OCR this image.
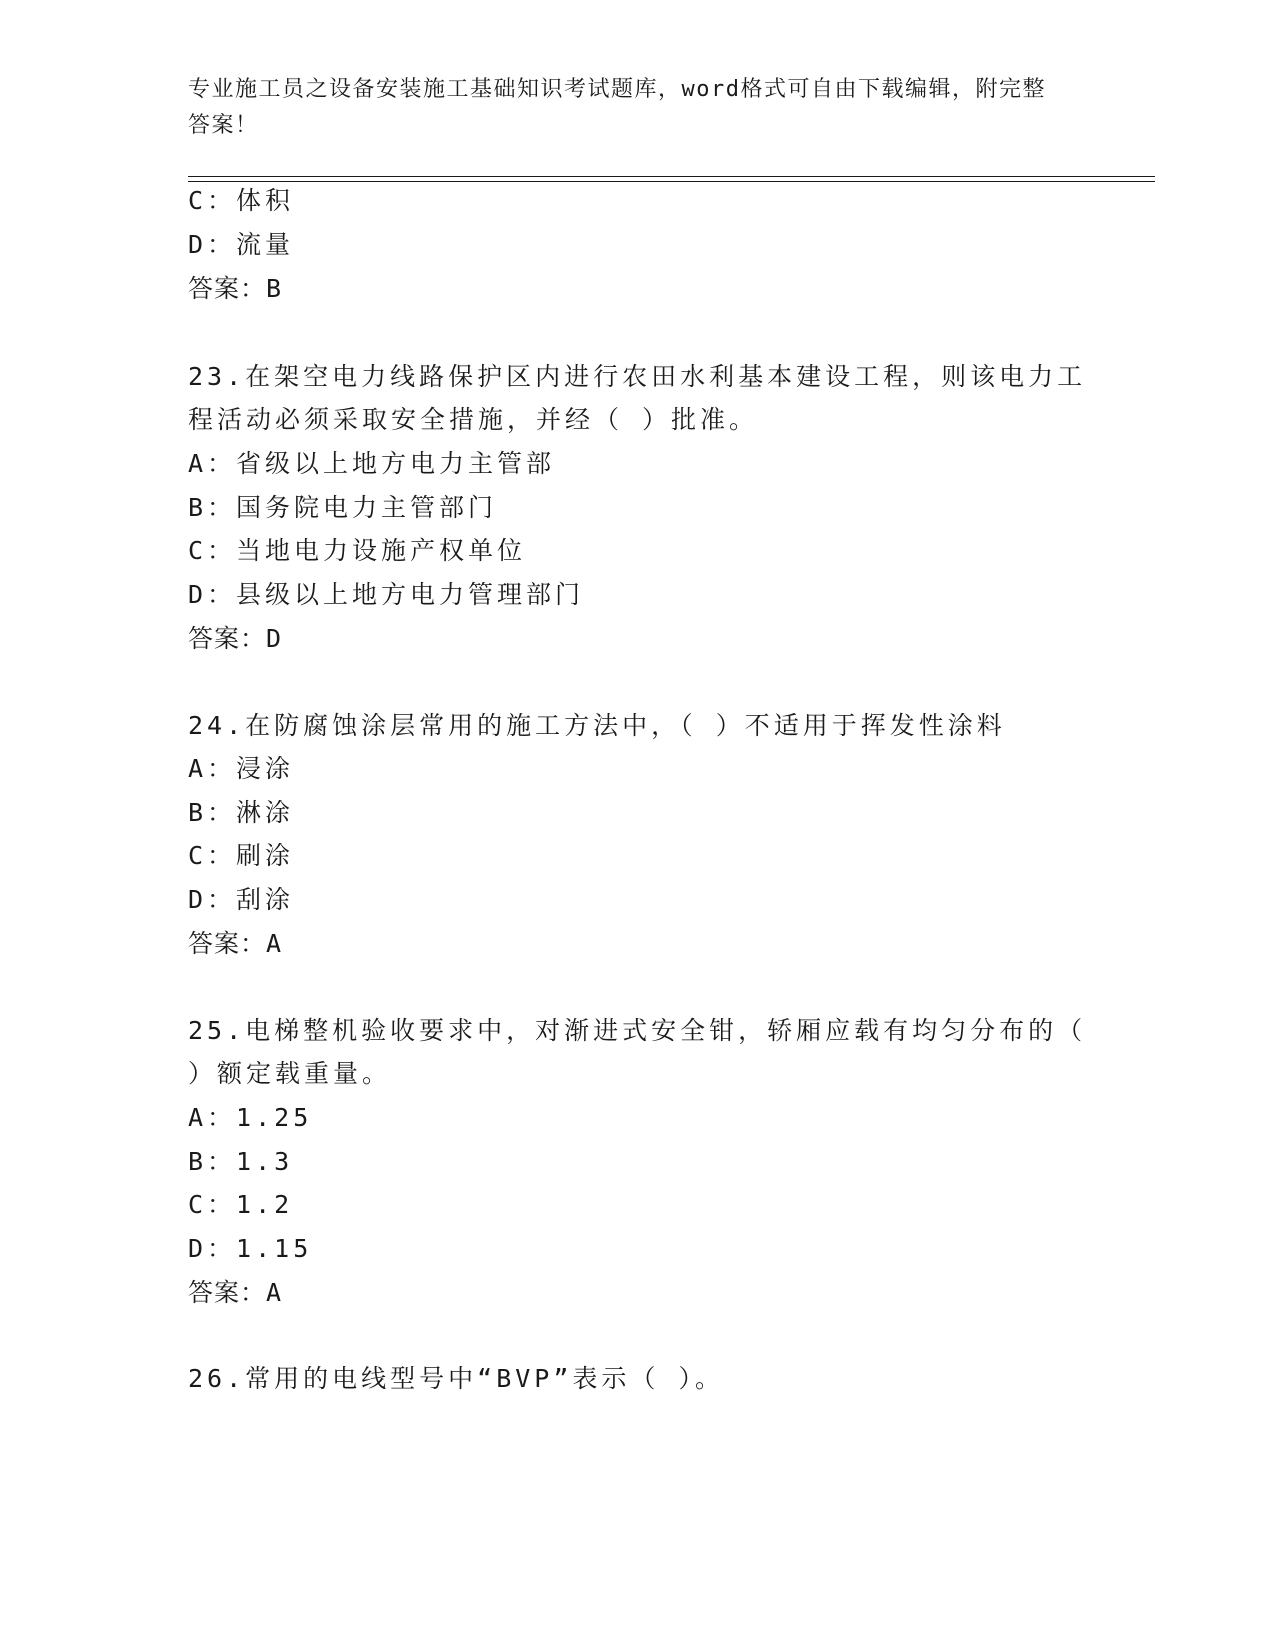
专业施工员之设备安装施工基础知识考试题库，word格式可自由下载编辑，附完整答案！
C：体积
D：流量
答案：B
23.在架空电力线路保护区内进行农田水利基本建设工程，则该电力工
程活动必须采取安全措施，并经（ ）批准。
A：省级以上地方电力主管部
B：国务院电力主管部门
C：当地电力设施产权单位
D：县级以上地方电力管理部门
答案：D
24.在防腐蚀涂层常用的施工方法中，（ ）不适用于挥发性涂料
A：浸涂
B：淋涂
C：刷涂
D：刮涂
答案：A
25.电梯整机验收要求中，对渐进式安全钳，轿厢应载有均匀分布的（
）额定载重量。
A：1.25
B：1.3
C：1.2
D：1.15
答案：A
26.常用的电线型号中“BVP”表示（ ）。
